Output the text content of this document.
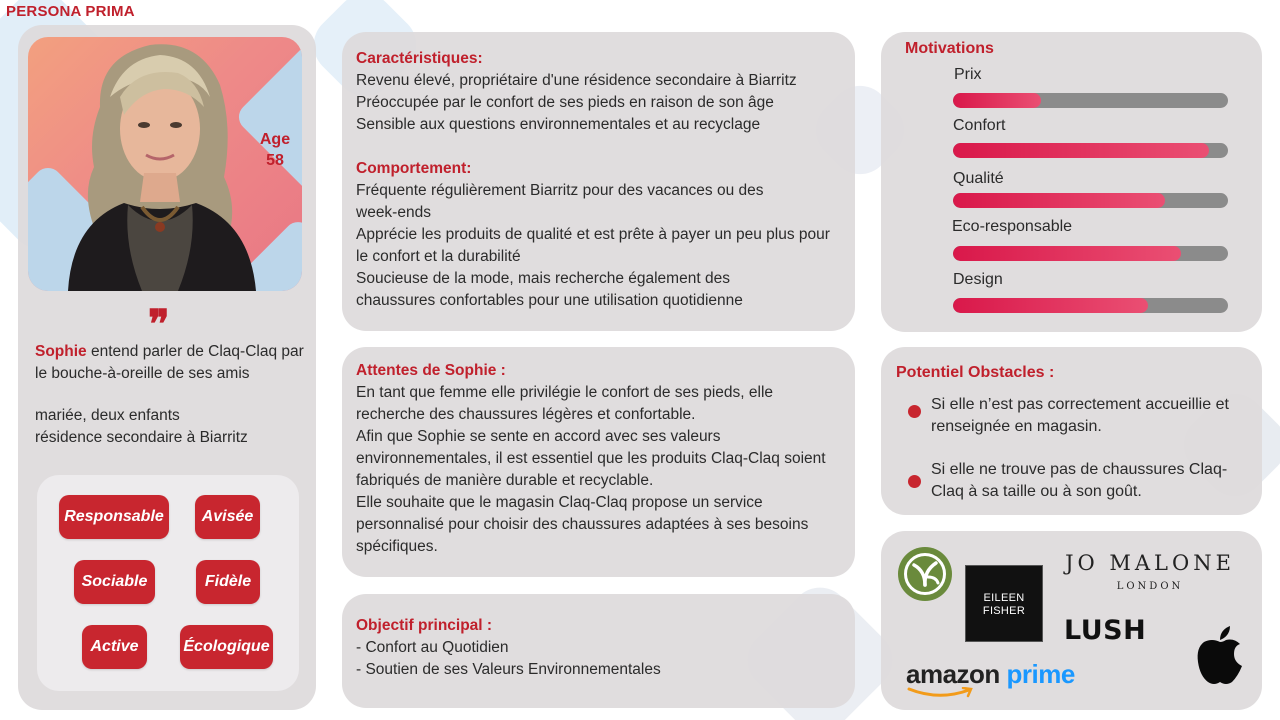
PERSONA PRIMA
Age
58
❞
Sophie entend parler de Claq-Claq par le bouche-à-oreille de ses amis
mariée, deux enfants
résidence secondaire à Biarritz
Responsable	Avisée
Sociable	Fidèle
Active	Écologique
Caractéristiques:
Revenu élevé, propriétaire d'une résidence secondaire à Biarritz
Préoccupée par le confort de ses pieds en raison de son âge
Sensible aux questions environnementales et au recyclage
Comportement:
Fréquente régulièrement Biarritz pour des vacances ou des week-ends
Apprécie les produits de qualité et est prête à payer un peu plus pour le confort et la durabilité
Soucieuse de la mode, mais recherche également des chaussures confortables pour une utilisation quotidienne
Attentes de Sophie :
En tant que femme elle privilégie le confort de ses pieds, elle recherche des chaussures légères et confortable.
Afin que Sophie se sente en accord avec ses valeurs environnementales, il est essentiel que les produits Claq-Claq soient fabriqués de manière durable et recyclable.
Elle souhaite que le magasin Claq-Claq propose un service personnalisé pour choisir des chaussures adaptées à ses besoins spécifiques.
Objectif principal :
- Confort au Quotidien
- Soutien de ses Valeurs Environnementales
Motivations
Prix
Confort
Qualité
Eco-responsable
Design
Potentiel Obstacles :
Si elle n’est pas correctement accueillie et renseignée en magasin.
Si elle ne trouve pas de chaussures Claq-Claq à sa taille ou à son goût.
EILEEN
FISHER
JO MALONE
LONDON
LUSH
amazon prime
